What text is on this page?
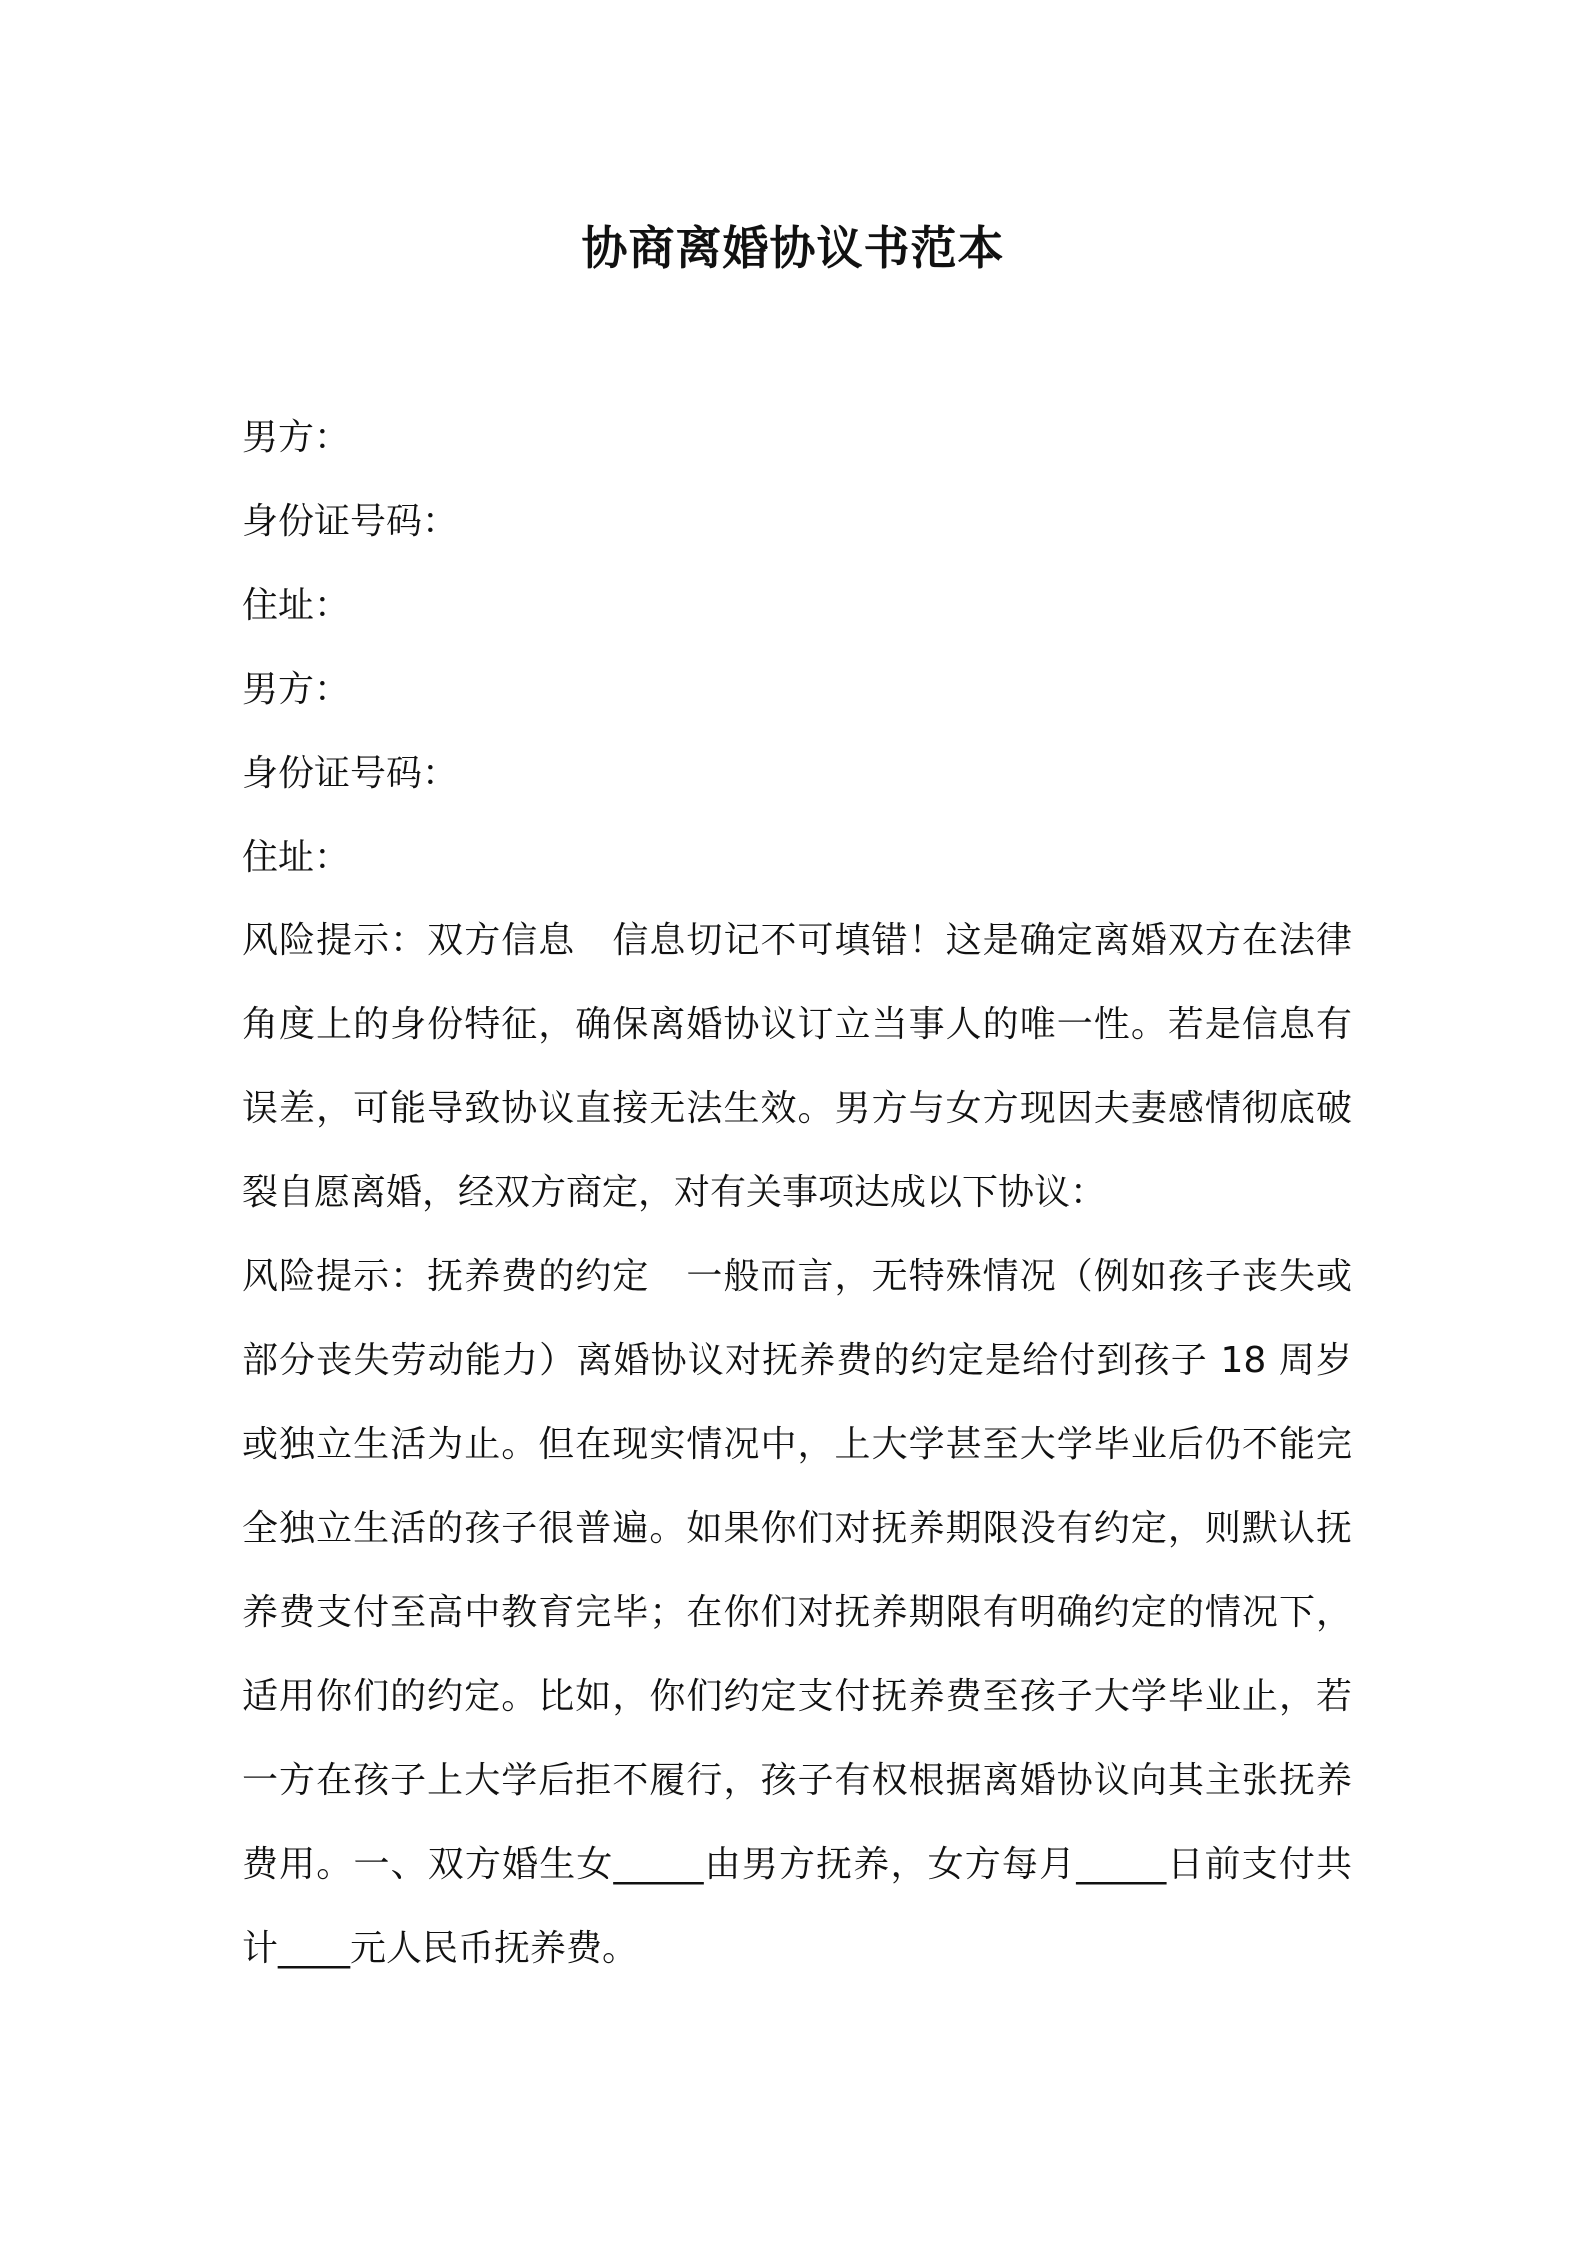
协商离婚协议书范本
男方：
身份证号码：
住址：
男方：
身份证号码：
住址：

风险提示：双方信息　信息切记不可填错！这是确定离婚双方在法律角度上的身份特征，确保离婚协议订立当事人的唯一性。若是信息有误差，可能导致协议直接无法生效。男方与女方现因夫妻感情彻底破裂自愿离婚，经双方商定，对有关事项达成以下协议：

风险提示：抚养费的约定　一般而言，无特殊情况（例如孩子丧失或部分丧失劳动能力）离婚协议对抚养费的约定是给付到孩子 18 周岁或独立生活为止。但在现实情况中，上大学甚至大学毕业后仍不能完全独立生活的孩子很普遍。如果你们对抚养期限没有约定，则默认抚养费支付至高中教育完毕；在你们对抚养期限有明确约定的情况下，适用你们的约定。比如，你们约定支付抚养费至孩子大学毕业止，若一方在孩子上大学后拒不履行，孩子有权根据离婚协议向其主张抚养费用。一、双方婚生女_____由男方抚养，女方每月_____日前支付共计____元人民币抚养费。
